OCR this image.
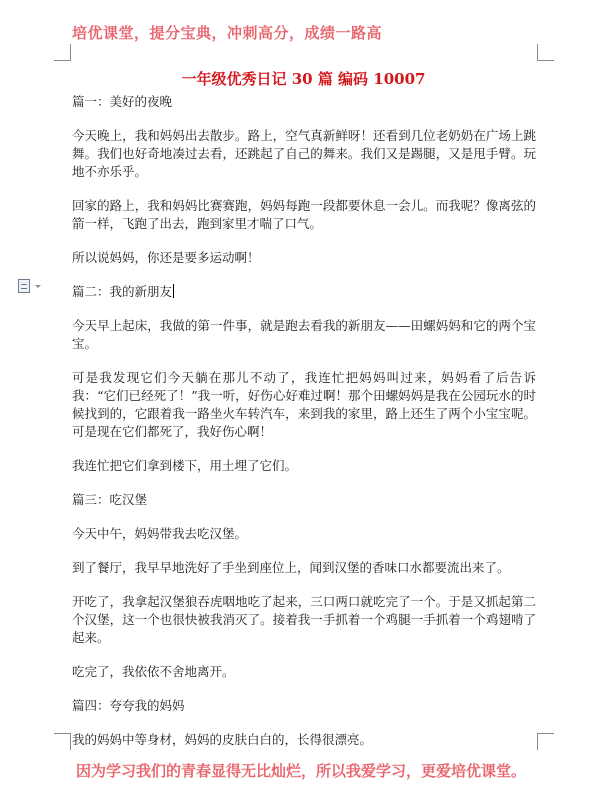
培优课堂，提分宝典，冲刺高分，成绩一路高
一年级优秀日记 30 篇 编码 10007

篇一：美好的夜晚

今天晚上，我和妈妈出去散步。路上，空气真新鲜呀！还看到几位老奶奶在广场上跳舞。我们也好奇地凑过去看，还跳起了自己的舞来。我们又是踢腿，又是甩手臂。玩地不亦乐乎。

回家的路上，我和妈妈比赛赛跑，妈妈每跑一段都要休息一会儿。而我呢？像离弦的箭一样，飞跑了出去，跑到家里才喘了口气。

所以说妈妈，你还是要多运动啊！

篇二：我的新朋友

今天早上起床，我做的第一件事，就是跑去看我的新朋友——田螺妈妈和它的两个宝宝。

可是我发现它们今天躺在那儿不动了，我连忙把妈妈叫过来，妈妈看了后告诉我：“它们已经死了！”我一听，好伤心好难过啊！那个田螺妈妈是我在公园玩水的时候找到的，它跟着我一路坐火车转汽车，来到我的家里，路上还生了两个小宝宝呢。可是现在它们都死了，我好伤心啊！

我连忙把它们拿到楼下，用土埋了它们。

篇三：吃汉堡

今天中午，妈妈带我去吃汉堡。

到了餐厅，我早早地洗好了手坐到座位上，闻到汉堡的香味口水都要流出来了。

开吃了，我拿起汉堡狼吞虎咽地吃了起来，三口两口就吃完了一个。于是又抓起第二个汉堡，这一个也很快被我消灭了。接着我一手抓着一个鸡腿一手抓着一个鸡翅啃了起来。

吃完了，我依依不舍地离开。

篇四：夸夸我的妈妈

我的妈妈中等身材，妈妈的皮肤白白的，长得很漂亮。

因为学习我们的青春显得无比灿烂，所以我爱学习，更爱培优课堂。
